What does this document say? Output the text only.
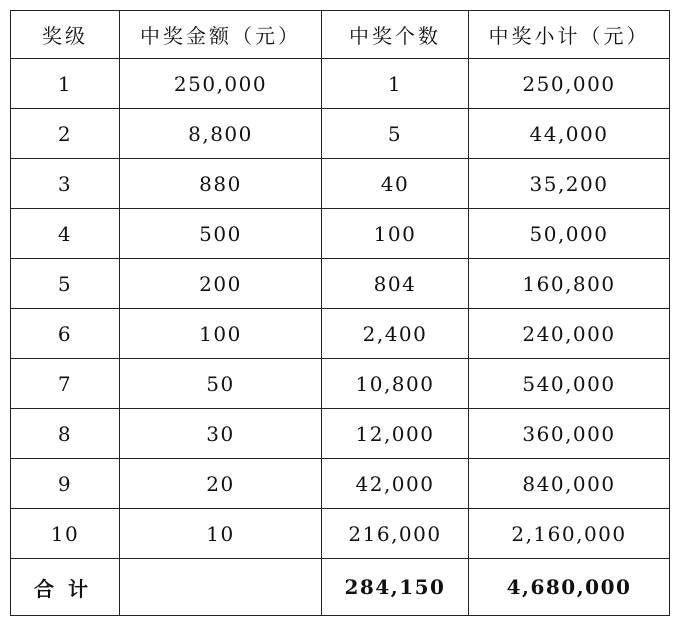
奖级	中奖金额（元）	中奖个数	中奖小计（元）
1	250,000	1	250,000
2	8,800	5	44,000
3	880	40	35,200
4	500	100	50,000
5	200	804	160,800
6	100	2,400	240,000
7	50	10,800	540,000
8	30	12,000	360,000
9	20	42,000	840,000
10	10	216,000	2,160,000
合计		284,150	4,680,000
